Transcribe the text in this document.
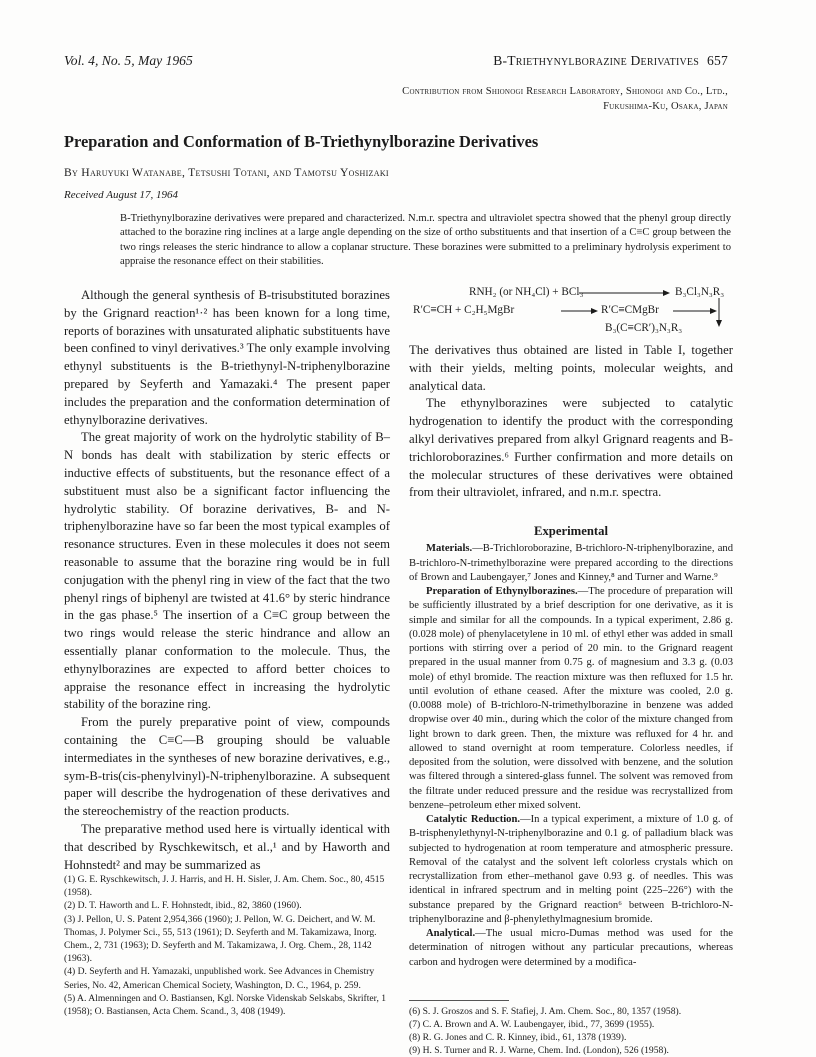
Vol. 4, No. 5, May 1965	B-Triethynylborazine Derivatives 657
Contribution from Shionogi Research Laboratory, Shionogi and Co., Ltd.,
Fukushima-Ku, Osaka, Japan
Preparation and Conformation of B-Triethynylborazine Derivatives
By Haruyuki Watanabe, Tetsushi Totani, and Tamotsu Yoshizaki
Received August 17, 1964
B-Triethynylborazine derivatives were prepared and characterized. N.m.r. spectra and ultraviolet spectra showed that the phenyl group directly attached to the borazine ring inclines at a large angle depending on the size of ortho substituents and that insertion of a C≡C group between the two rings releases the steric hindrance to allow a coplanar structure. These borazines were submitted to a preliminary hydrolysis experiment to appraise the resonance effect on their stabilities.

Although the general synthesis of B-trisubstituted borazines by the Grignard reaction¹·² has been known for a long time, reports of borazines with unsaturated aliphatic substituents have been confined to vinyl derivatives.³ The only example involving ethynyl substituents is the B-triethynyl-N-triphenylborazine prepared by Seyferth and Yamazaki.⁴ The present paper includes the preparation and the conformation determination of ethynylborazine derivatives.

The great majority of work on the hydrolytic stability of B–N bonds has dealt with stabilization by steric effects or inductive effects of substituents, but the resonance effect of a substituent must also be a significant factor influencing the hydrolytic stability. Of borazine derivatives, B- and N-triphenylborazine have so far been the most typical examples of resonance structures. Even in these molecules it does not seem reasonable to assume that the borazine ring would be in full conjugation with the phenyl ring in view of the fact that the two phenyl rings of biphenyl are twisted at 41.6° by steric hindrance in the gas phase.⁵ The insertion of a C≡C group between the two rings would release the steric hindrance and allow an essentially planar conformation to the molecule. Thus, the ethynylborazines are expected to afford better choices to appraise the resonance effect in increasing the hydrolytic stability of the borazine ring.

From the purely preparative point of view, compounds containing the C≡C—B grouping should be valuable intermediates in the syntheses of new borazine derivatives, e.g., sym-B-tris(cis-phenylvinyl)-N-triphenylborazine. A subsequent paper will describe the hydrogenation of these derivatives and the stereochemistry of the reaction products.

The preparative method used here is virtually identical with that described by Ryschkewitsch, et al.,¹ and by Haworth and Hohnstedt² and may be summarized as

(1) G. E. Ryschkewitsch, J. J. Harris, and H. H. Sisler, J. Am. Chem. Soc., 80, 4515 (1958).

(2) D. T. Haworth and L. F. Hohnstedt, ibid., 82, 3860 (1960).

(3) J. Pellon, U. S. Patent 2,954,366 (1960); J. Pellon, W. G. Deichert, and W. M. Thomas, J. Polymer Sci., 55, 513 (1961); D. Seyferth and M. Takamizawa, Inorg. Chem., 2, 731 (1963); D. Seyferth and M. Takamizawa, J. Org. Chem., 28, 1142 (1963).

(4) D. Seyferth and H. Yamazaki, unpublished work. See Advances in Chemistry Series, No. 42, American Chemical Society, Washington, D. C., 1964, p. 259.

(5) A. Almenningen and O. Bastiansen, Kgl. Norske Videnskab Selskabs, Skrifter, 1 (1958); O. Bastiansen, Acta Chem. Scand., 3, 408 (1949).

RNH₂ (or NH₄Cl) + BCl₃	B₃Cl₃N₃R₃
R′C≡CH + C₂H₅MgBr	R′C≡CMgBr
B₃(C≡CR′)₃N₃R₃

The derivatives thus obtained are listed in Table I, together with their yields, melting points, molecular weights, and analytical data.

The ethynylborazines were subjected to catalytic hydrogenation to identify the product with the corresponding alkyl derivatives prepared from alkyl Grignard reagents and B-trichloroborazines.⁶ Further confirmation and more details on the molecular structures of these derivatives were obtained from their ultraviolet, infrared, and n.m.r. spectra.

Experimental

Materials.—B-Trichloroborazine, B-trichloro-N-triphenylborazine, and B-trichloro-N-trimethylborazine were prepared according to the directions of Brown and Laubengayer,⁷ Jones and Kinney,⁸ and Turner and Warne.⁹

Preparation of Ethynylborazines.—The procedure of preparation will be sufficiently illustrated by a brief description for one derivative, as it is simple and similar for all the compounds. In a typical experiment, 2.86 g. (0.028 mole) of phenylacetylene in 10 ml. of ethyl ether was added in small portions with stirring over a period of 20 min. to the Grignard reagent prepared in the usual manner from 0.75 g. of magnesium and 3.3 g. (0.03 mole) of ethyl bromide. The reaction mixture was then refluxed for 1.5 hr. until evolution of ethane ceased. After the mixture was cooled, 2.0 g. (0.0088 mole) of B-trichloro-N-trimethylborazine in benzene was added dropwise over 40 min., during which the color of the mixture changed from light brown to dark green. Then, the mixture was refluxed for 4 hr. and allowed to stand overnight at room temperature. Colorless needles, if deposited from the solution, were dissolved with benzene, and the solution was filtered through a sintered-glass funnel. The solvent was removed from the filtrate under reduced pressure and the residue was recrystallized from benzene–petroleum ether mixed solvent.

Catalytic Reduction.—In a typical experiment, a mixture of 1.0 g. of B-trisphenylethynyl-N-triphenylborazine and 0.1 g. of palladium black was subjected to hydrogenation at room temperature and atmospheric pressure. Removal of the catalyst and the solvent left colorless crystals which on recrystallization from ether–methanol gave 0.93 g. of needles. This was identical in infrared spectrum and in melting point (225–226°) with the substance prepared by the Grignard reaction⁶ between B-trichloro-N-triphenylborazine and β-phenylethylmagnesium bromide.

Analytical.—The usual micro-Dumas method was used for the determination of nitrogen without any particular precautions, whereas carbon and hydrogen were determined by a modifica-

(6) S. J. Groszos and S. F. Stafiej, J. Am. Chem. Soc., 80, 1357 (1958).

(7) C. A. Brown and A. W. Laubengayer, ibid., 77, 3699 (1955).

(8) R. G. Jones and C. R. Kinney, ibid., 61, 1378 (1939).

(9) H. S. Turner and R. J. Warne, Chem. Ind. (London), 526 (1958).
